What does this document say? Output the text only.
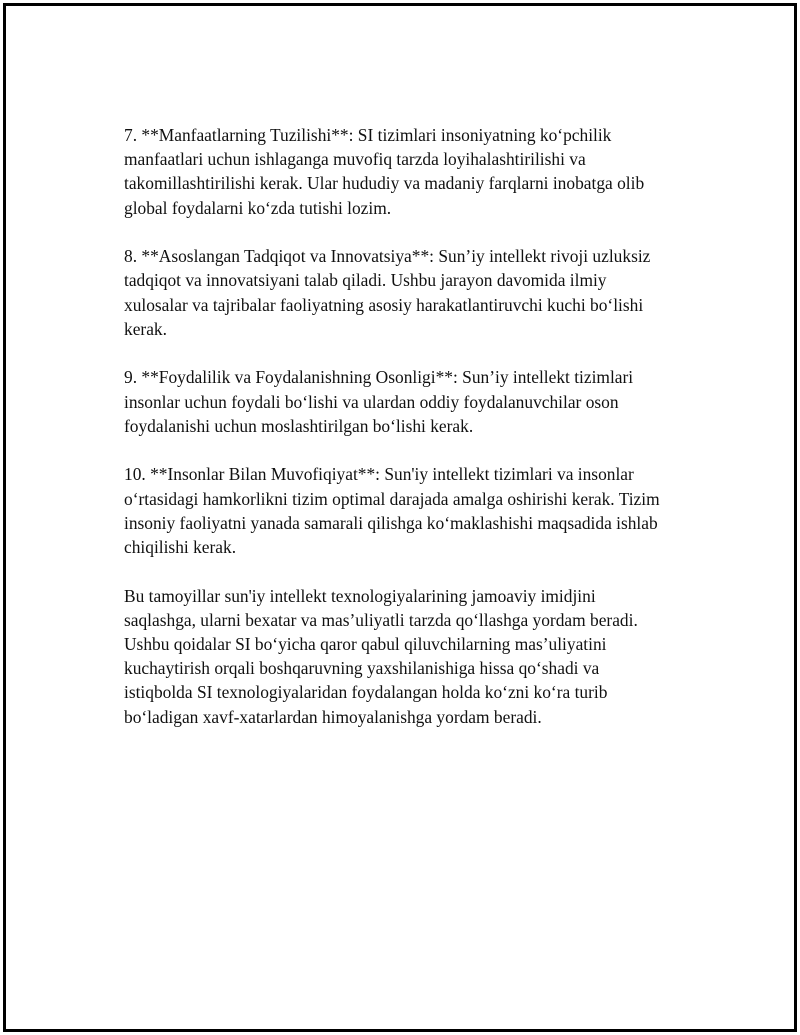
7. **Manfaatlarning Tuzilishi**: SI tizimlari insoniyatning ko‘pchilik
manfaatlari uchun ishlaganga muvofiq tarzda loyihalashtirilishi va
takomillashtirilishi kerak. Ular hududiy va madaniy farqlarni inobatga olib
global foydalarni ko‘zda tutishi lozim.

8. **Asoslangan Tadqiqot va Innovatsiya**: Sun’iy intellekt rivoji uzluksiz
tadqiqot va innovatsiyani talab qiladi. Ushbu jarayon davomida ilmiy
xulosalar va tajribalar faoliyatning asosiy harakatlantiruvchi kuchi bo‘lishi
kerak.

9. **Foydalilik va Foydalanishning Osonligi**: Sun’iy intellekt tizimlari
insonlar uchun foydali bo‘lishi va ulardan oddiy foydalanuvchilar oson
foydalanishi uchun moslashtirilgan bo‘lishi kerak.

10. **Insonlar Bilan Muvofiqiyat**: Sun'iy intellekt tizimlari va insonlar
o‘rtasidagi hamkorlikni tizim optimal darajada amalga oshirishi kerak. Tizim
insoniy faoliyatni yanada samarali qilishga ko‘maklashishi maqsadida ishlab
chiqilishi kerak.

Bu tamoyillar sun'iy intellekt texnologiyalarining jamoaviy imidjini
saqlashga, ularni bexatar va mas’uliyatli tarzda qo‘llashga yordam beradi.
Ushbu qoidalar SI bo‘yicha qaror qabul qiluvchilarning mas’uliyatini
kuchaytirish orqali boshqaruvning yaxshilanishiga hissa qo‘shadi va
istiqbolda SI texnologiyalaridan foydalangan holda ko‘zni ko‘ra turib
bo‘ladigan xavf-xatarlardan himoyalanishga yordam beradi.
